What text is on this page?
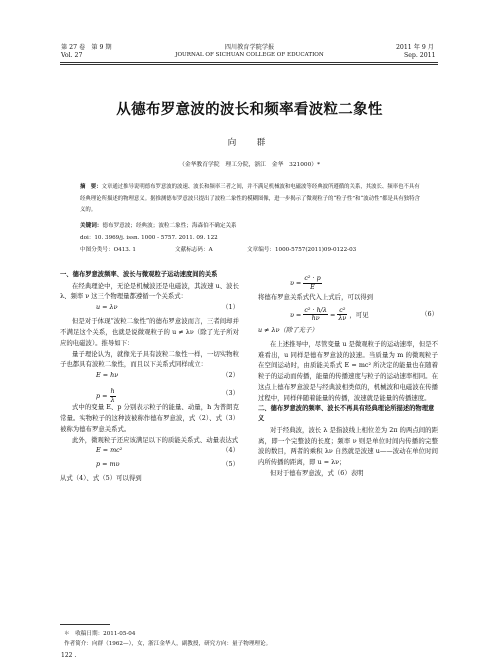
第 27 卷　第 9 期
Vol. 27
四川教育学院学报
JOURNAL OF SICHUAN COLLEGE OF EDUCATION
2011 年 9 月
Sep. 2011
从德布罗意波的波长和频率看波粒二象性
向　群
（金华教育学院　理工分院，浙江　金华　321000）*
摘　要：文章通过推导说明德布罗意波的波速、波长和频率三者之间，并不满足机械波和电磁波等经典波所遵循的关系，其波长、频率也不具有经典理论所描述的物理意义。据推测德布罗意波只提出了波粒二象性的模糊图像，进一步揭示了微观粒子的“粒子性”和“波动性”都是具有独特含义的。
关键词：德布罗意波；经典波；波粒二象性；海森伯不确定关系
doi：10. 3969/j. issn. 1000 - 5757. 2011. 09. 122
中图分类号：O413. 1	文献标志码：A	文章编号：1000-5757(2011)09-0122-03

一、德布罗意波频率、波长与微观粒子运动速度间的关系

在经典理论中，无论是机械波还是电磁波，其波速 u、波长 λ、频率 ν 这三个物理量都遵循一个关系式：

u = λν	（1）

但是对于体现“波粒二象性”的德布罗意波而言，三者间却并不满足这个关系，也就是说微观粒子的 u ≠ λν（除了光子所对应的电磁波）。推导如下：

量子理论认为，就像光子具有波粒二象性一样，一切实物粒子也都具有波粒二象性，而且以下关系式同样成立：

E = hν	（2）
$p = \frac{h}{\lambda}$	（3）

式中的变量 E、p 分别表示粒子的能量、动量，h 为普朗克常量。实物粒子的这种波被称作德布罗意波，式（2）、式（3）被称为德布罗意关系式。

此外，微观粒子还应该满足以下的质能关系式、动量表达式

E = mc²	（4）
p = mυ	（5）

从式（4）、式（5）可以得到

$\upsilon = \frac{\text{c² · p}}{E}$

将德布罗意关系式代入上式后，可以得到

$\upsilon = \frac{\text{c² · h/λ}}{h\nu} = \frac{\text{c²}}{\lambda\nu}$ ，可见	（6）
u ≠ λν（除了光子）

在上述推导中，尽管变量 u 是微观粒子的运动速率，但是不难看出，u 同样是德布罗意波的波速。当质量为 m 的微观粒子在空间运动时，由质能关系式 E = mc² 所决定的能量也在随着粒子的运动而传播，能量的传播速度与粒子的运动速率相同。在这点上德布罗意波是与经典波相类似的，机械波和电磁波在传播过程中，同样伴随着能量的传播，波速就是能量的传播速度。

二、德布罗意波的频率、波长不再具有经典理论所描述的物理意义

对于经典波，波长 λ 是指波线上相位差为 2π 的两点间的距离，即一个完整波的长度；频率 ν 则是单位时间内传播的完整波的数目，两者的乘积 λν 自然就是波速 u——波动在单位时间内所传播的距离，即 u = λν；

但对于德布罗意波，式（6）表明

＊　收稿日期：2011-05-04
作者简介：向群（1962—），女，浙江金华人，副教授，研究方向：量子物理理论。
122 .
